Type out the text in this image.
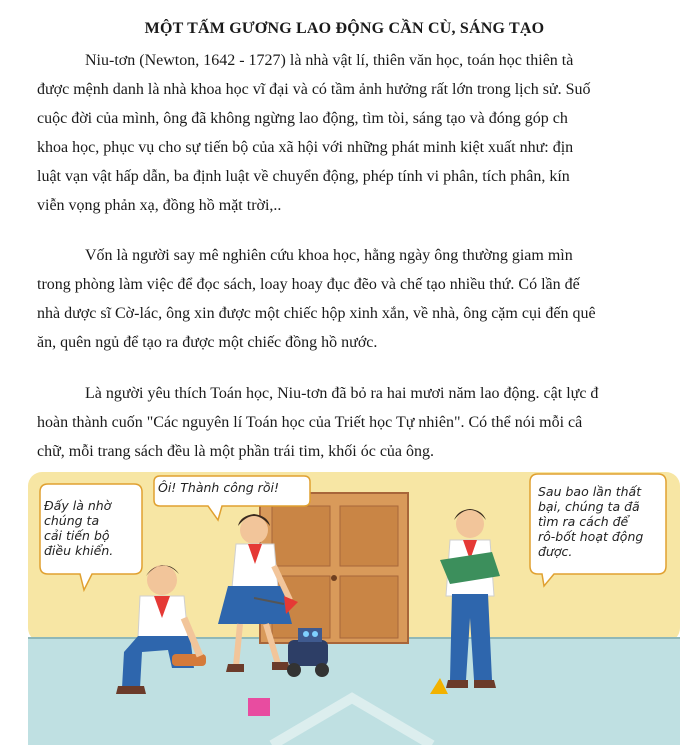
MỘT TẤM GƯƠNG LAO ĐỘNG CẦN CÙ, SÁNG TẠO

Niu-tơn (Newton, 1642 - 1727) là nhà vật lí, thiên văn học, toán học thiên tà

được mệnh danh là nhà khoa học vĩ đại và có tầm ảnh hưởng rất lớn trong lịch sử. Suố

cuộc đời của mình, ông đã không ngừng lao động, tìm tòi, sáng tạo và đóng góp ch

khoa học, phục vụ cho sự tiến bộ của xã hội với những phát minh kiệt xuất như: địn

luật vạn vật hấp dẫn, ba định luật về chuyển động, phép tính vi phân, tích phân, kín

viễn vọng phản xạ, đồng hồ mặt trời,..

Vốn là người say mê nghiên cứu khoa học, hằng ngày ông thường giam mìn

trong phòng làm việc để đọc sách, loay hoay đục đẽo và chế tạo nhiều thứ. Có lần đế

nhà dược sĩ Cờ-lác, ông xin được một chiếc hộp xinh xắn, về nhà, ông cặm cụi đến quê

ăn, quên ngủ để tạo ra được một chiếc đồng hồ nước.

Là người yêu thích Toán học, Niu-tơn đã bỏ ra hai mươi năm lao động. cật lực đ

hoàn thành cuốn "Các nguyên lí Toán học của Triết học Tự nhiên". Có thể nói mỗi câ

chữ, mỗi trang sách đều là một phần trái tim, khối óc của ông.

Đấy là nhờ
chúng ta
cải tiến bộ
điều khiển.
Ôi! Thành công rồi!	Sau bao lần thất
bại, chúng ta đã
tìm ra cách để
rô-bốt hoạt động
được.
